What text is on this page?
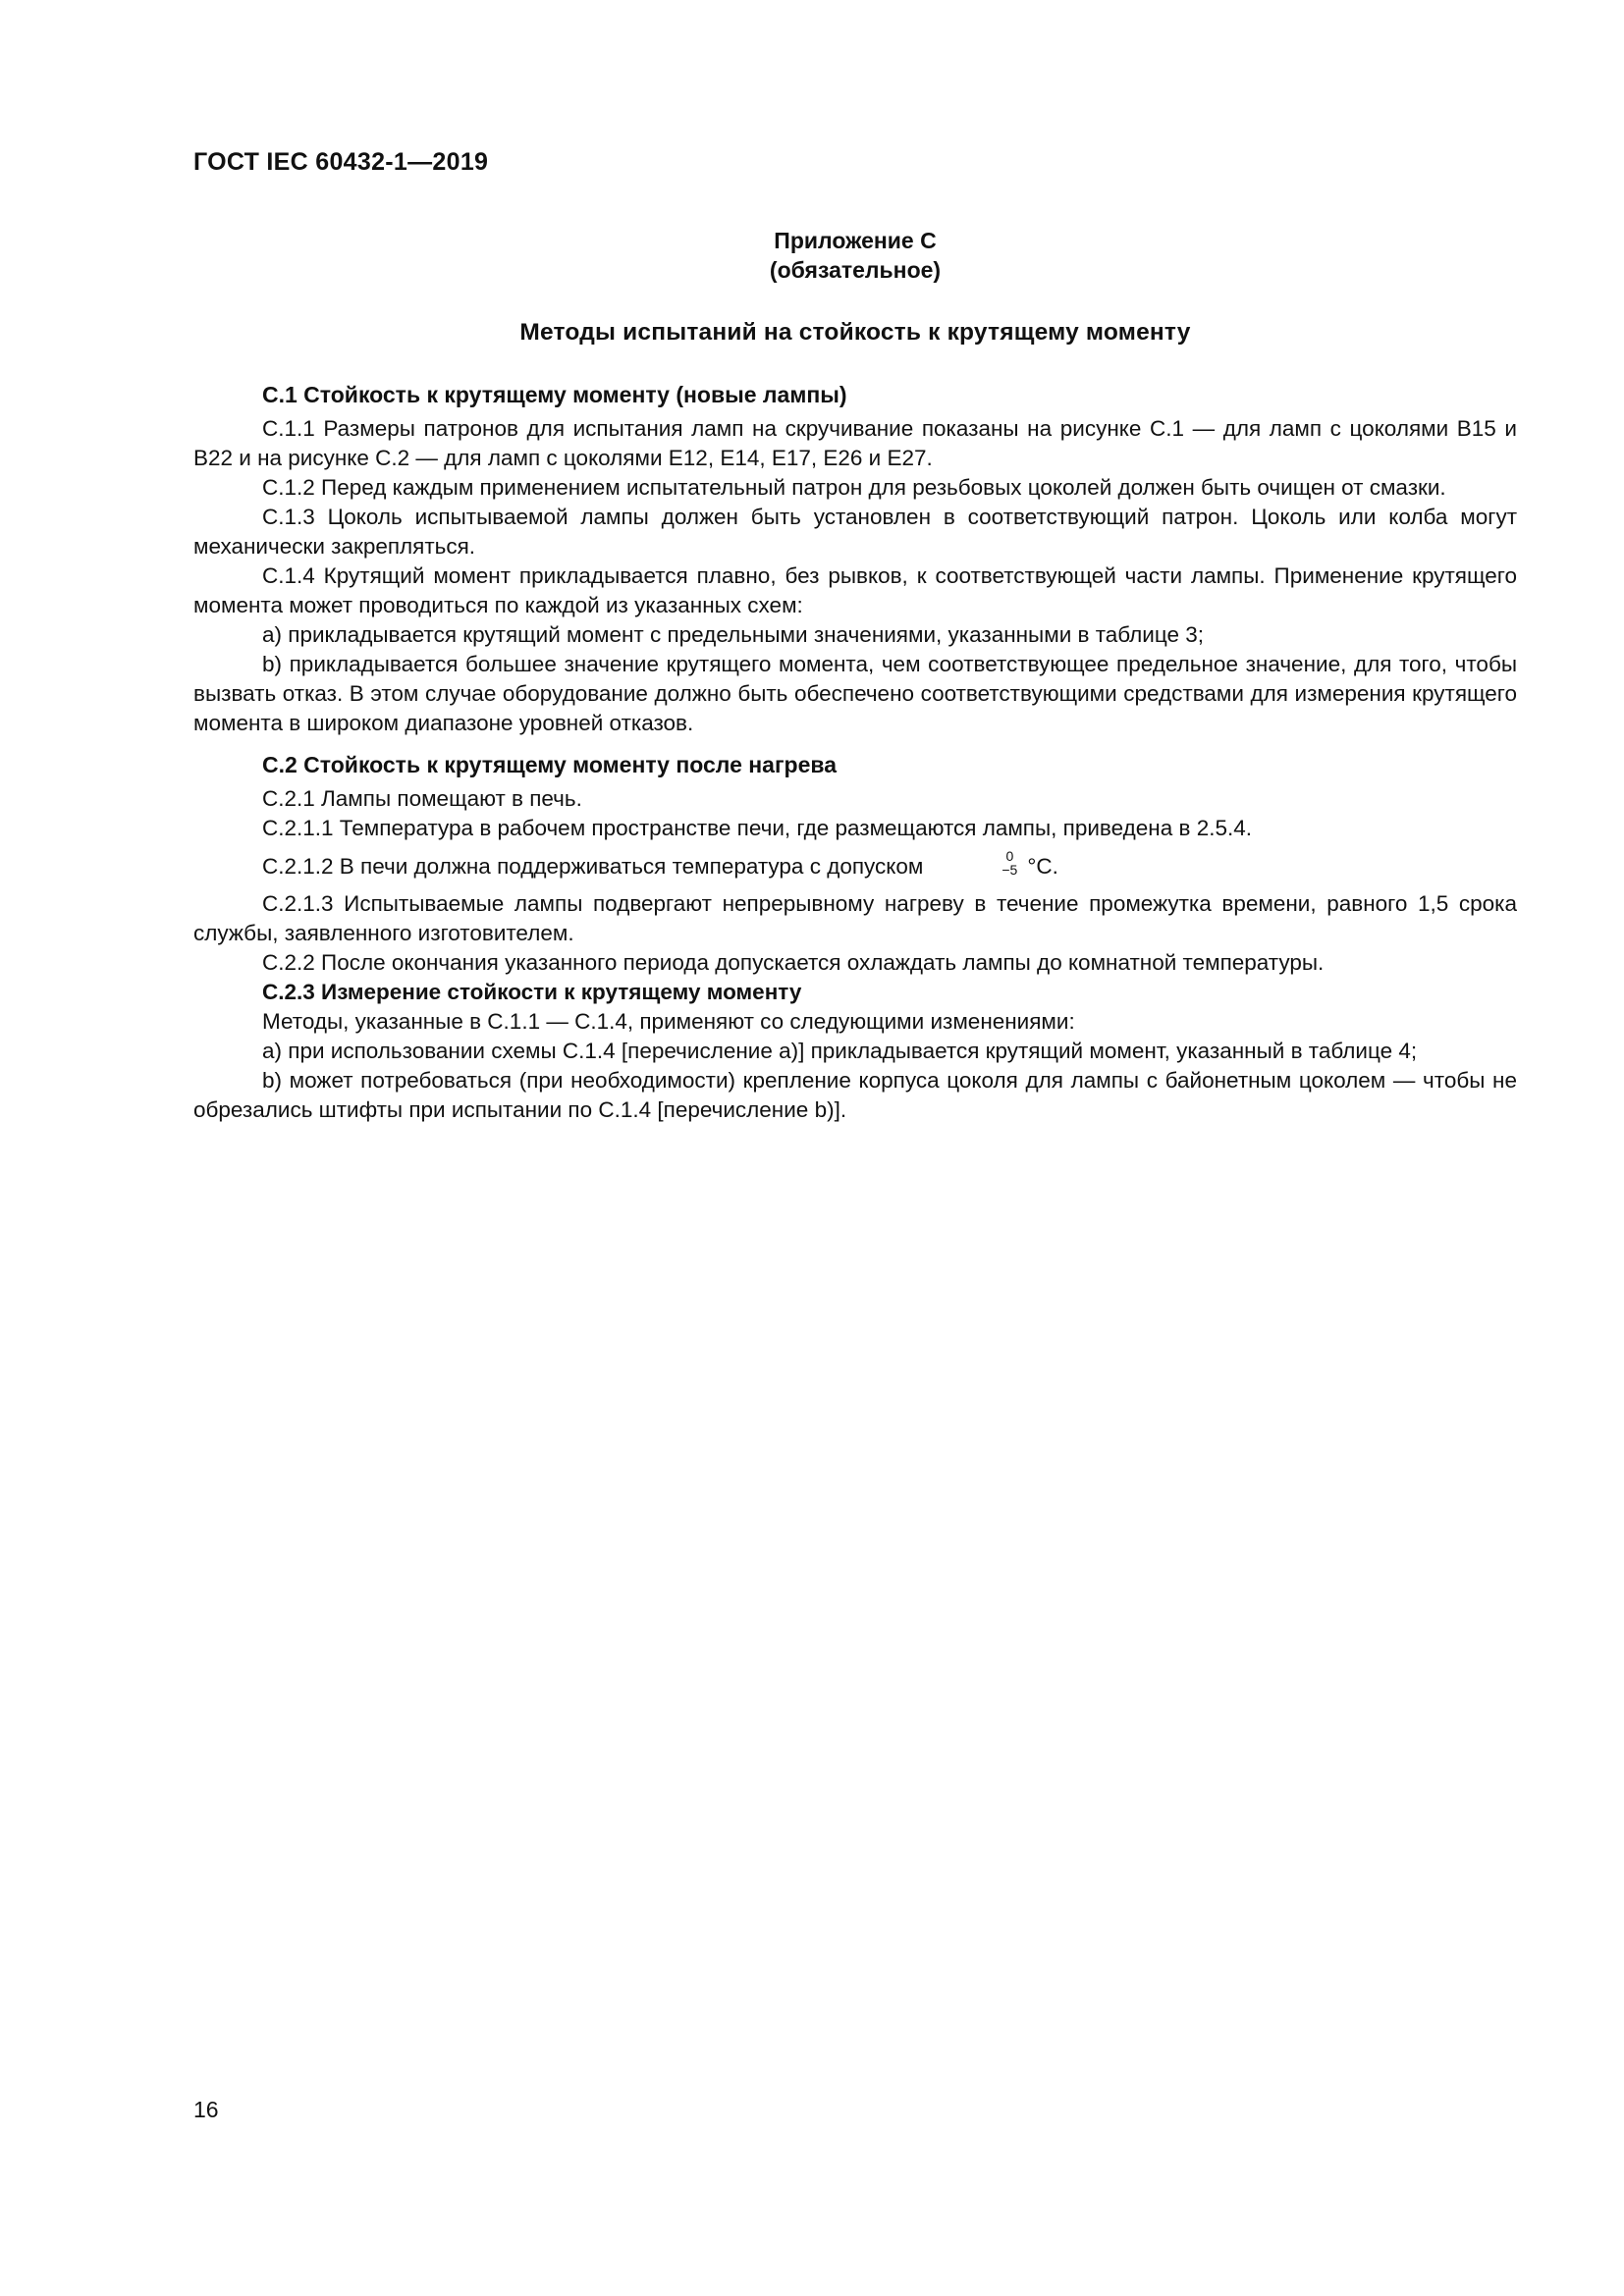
ГОСТ IEC 60432-1—2019
Приложение С
(обязательное)
Методы испытаний на стойкость к крутящему моменту
С.1 Стойкость к крутящему моменту (новые лампы)

С.1.1 Размеры патронов для испытания ламп на скручивание показаны на рисунке С.1 — для ламп с цоколями B15 и B22 и на рисунке С.2 — для ламп с цоколями E12, E14, E17, E26 и E27.

С.1.2 Перед каждым применением испытательный патрон для резьбовых цоколей должен быть очищен от смазки.

С.1.3 Цоколь испытываемой лампы должен быть установлен в соответствующий патрон. Цоколь или колба могут механически закрепляться.

С.1.4 Крутящий момент прикладывается плавно, без рывков, к соответствующей части лампы. Применение крутящего момента может проводиться по каждой из указанных схем:

а) прикладывается крутящий момент с предельными значениями, указанными в таблице 3;

b) прикладывается большее значение крутящего момента, чем соответствующее предельное значение, для того, чтобы вызвать отказ. В этом случае оборудование должно быть обеспечено соответствующими средствами для измерения крутящего момента в широком диапазоне уровней отказов.

С.2 Стойкость к крутящему моменту после нагрева

С.2.1 Лампы помещают в печь.

С.2.1.1 Температура в рабочем пространстве печи, где размещаются лампы, приведена в 2.5.4.

С.2.1.2 В печи должна поддерживаться температура с допуском	0
−5 °С.

С.2.1.3 Испытываемые лампы подвергают непрерывному нагреву в течение промежутка времени, равного 1,5 срока службы, заявленного изготовителем.

С.2.2 После окончания указанного периода допускается охлаждать лампы до комнатной температуры.

С.2.3 Измерение стойкости к крутящему моменту

Методы, указанные в С.1.1 — С.1.4, применяют со следующими изменениями:

а) при использовании схемы С.1.4 [перечисление а)] прикладывается крутящий момент, указанный в таблице 4;

b) может потребоваться (при необходимости) крепление корпуса цоколя для лампы с байонетным цоколем — чтобы не обрезались штифты при испытании по С.1.4 [перечисление b)].

16
